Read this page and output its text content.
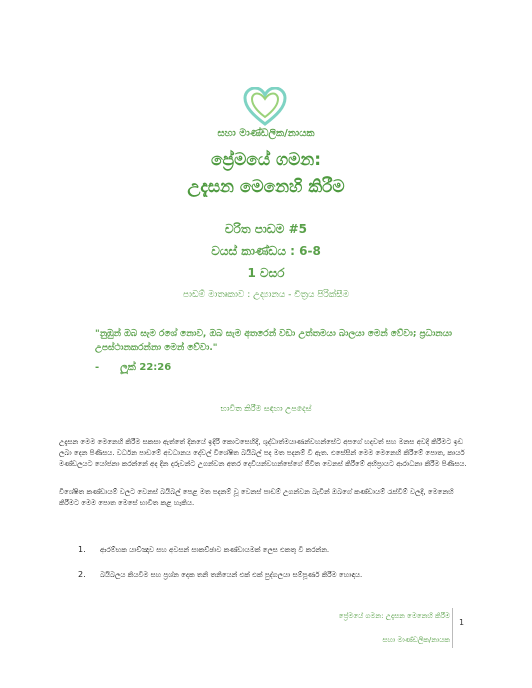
සහා මාණ්ඩලික/නායක
ප්‍රේමයේ ගමන:
උදැසන මෙනෙහි කිරීම
චරිත පාඩම #5
වයස් කාණ්ඩය : 6-8
1 වසර
පාඩම් මාතෘකාව : උද්‍යානය - චිත්‍රය පිරික්සීම
"නුඹුන් ඔබ සැම රශේ නොව, ඔබ සැම අතරෙන් වඩා උත්තමයා බාලයා මෙන් වේවා; ප්‍රධානයා උපස්ථානකරන්නා මෙන් වේවා."
- ලූක් 22:26
භාවිත කිරීම සඳහා උපදෙස්
උදැසන මෙම මෙනෙහි කිරීම සකසා ඇත්තේ දිනයේ ඉදිරි කොටසෙහිදී, ශුද්ධාත්මයාණන්වහන්සේට අපගේ හදවත් සහ මනස අවදි කිරීමට ඉඩ ලබා දෙන පිණිසය. වර්ධන පාඩමේ අවධානය දේවල් විශේෂිත බයිබල් පද මත පදනම් වී ඇත. එසේසින් මෙම මෙනෙහි කිරීමේ පොත, කාර්ය මණ්ඩලයට යෝජනා කරන්නේ අද දින දරුවන්ට උගන්වන අතර දෙවියන්වහන්සේගේ ජීවිත වෙනස් කිරීමේ අභිප්‍රායට ආරාධනා කිරීම පිණිසය.
විශේෂිත කණ්ඩායම් වලට වෙනස් බයිබල් පෙළ මත පදනම් වූ වෙනස් පාඩම් උගන්වන බැවින් ඔබගේ කණ්ඩායම් රැස්වීම් වලදී, මෙනෙහි කිරීමට මෙම පොත මෙසේ භාවිත කළ හැකිය.
1. ආරම්භක යාච්ඤාව සහ අවසන් සාකච්ඡාව කණ්ඩායමක් ලෙස එකතු වී කරන්න.
2. බයිබලය කියවීම සහ ප්‍රශ්න දෙක තනි තනියෙන් එක් එක් පුද්ගලයා සම්පූර්ණ කිරීම හොඳය.
ප්‍රේමයේ ගමන: උදැසන මෙනෙහි කිරීම
සහා මාණ්ඩලික/නායක
1
